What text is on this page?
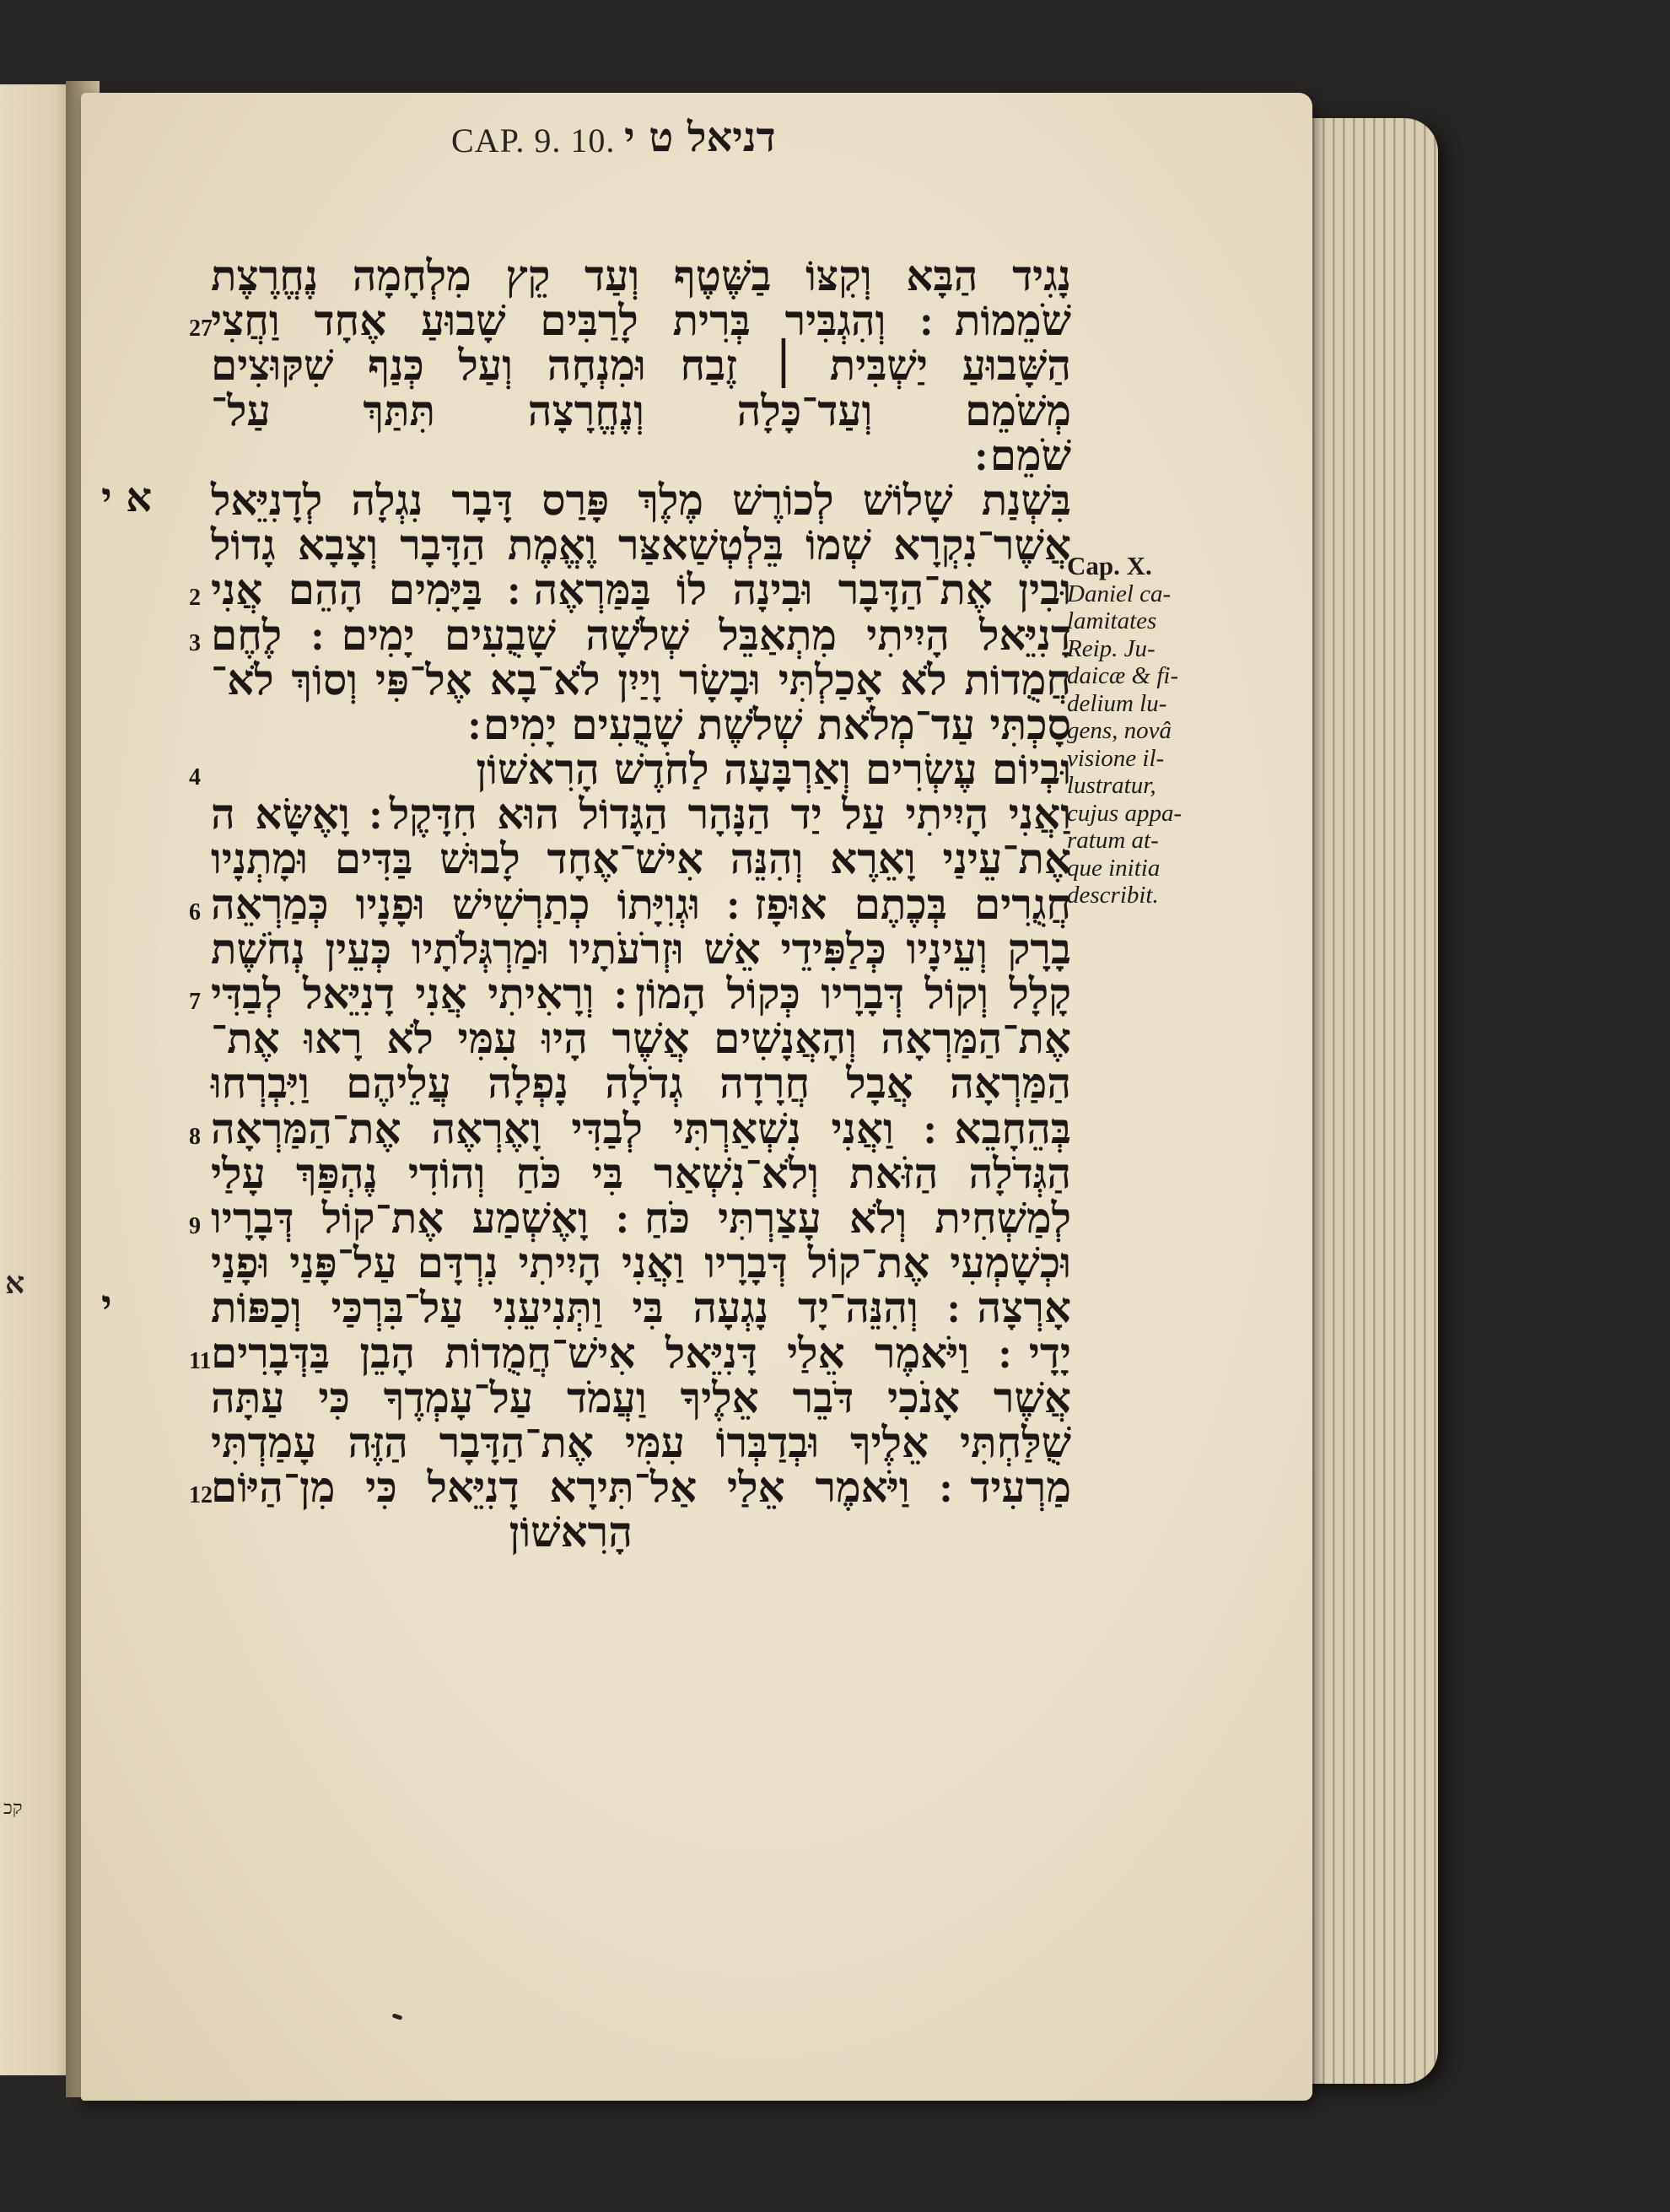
א
קכ
CAP. 9. 10. דניאל ט י
נָגִיד הַבָּא וְקִצּוֹ בַשֶּׁטֶף וְעַד קֵץ מִלְחָמָה נֶחֱרֶצֶת
שֹׁמֵמוֹת ׃ וְהִגְבִּיר בְּרִית לָרַבִּים שָׁבוּעַ אֶחָד וַחֲצִי
27
הַשָּׁבוּעַ יַשְׁבִּית ׀ זֶבַח וּמִנְחָה וְעַל כְּנַף שִׁקּוּצִים
מְשֹׁמֵם וְעַד־כָּלָה וְנֶחֱרָצָה תִּתַּךְ עַל־
שֹׁמֵם ׃
בִּשְׁנַת שָׁלוֹשׁ לְכוֹרֶשׁ מֶלֶךְ פָּרַס דָּבָר נִגְלָה לְדָנִיֵּאל
א י
אֲשֶׁר־נִקְרָא שְׁמוֹ בֵּלְטְשַׁאצַּר וֶאֱמֶת הַדָּבָר וְצָבָא גָדוֹל
וּבִין אֶת־הַדָּבָר וּבִינָה לוֹ בַּמַּרְאֶה ׃ בַּיָּמִים הָהֵם אֲנִי
2
דָנִיֵּאל הָיִיתִי מִתְאַבֵּל שְׁלֹשָׁה שָׁבֻעִים יָמִים ׃ לֶחֶם
3
חֲמֻדוֹת לֹא אָכַלְתִּי וּבָשָׂר וָיַיִן לֹא־בָא אֶל־פִּי וְסוֹךְ לֹא־
סָכְתִּי עַד־מְלֹאת שְׁלֹשֶׁת שָׁבֻעִים יָמִים ׃
וּבְיוֹם עֶשְׂרִים וְאַרְבָּעָה לַחֹדֶשׁ הָרִאשׁוֹן
4
וַאֲנִי הָיִיתִי עַל יַד הַנָּהָר הַגָּדוֹל הוּא חִדָּקֶל ׃ וָאֶשָּׂא ה
אֶת־עֵינַי וָאֵרֶא וְהִנֵּה אִישׁ־אֶחָד לָבוּשׁ בַּדִּים וּמָתְנָיו
חֲגֻרִים בְּכֶתֶם אוּפָז ׃ וּגְוִיָּתוֹ כְתַרְשִׁישׁ וּפָנָיו כְּמַרְאֵה
6
בָרָק וְעֵינָיו כְּלַפִּידֵי אֵשׁ וּזְרֹעֹתָיו וּמַרְגְּלֹתָיו כְּעֵין נְחֹשֶׁת
קָלָל וְקוֹל דְּבָרָיו כְּקוֹל הָמוֹן ׃ וְרָאִיתִי אֲנִי דָנִיֵּאל לְבַדִּי
7
אֶת־הַמַּרְאָה וְהָאֲנָשִׁים אֲשֶׁר הָיוּ עִמִּי לֹא רָאוּ אֶת־
הַמַּרְאָה אֲבָל חֲרָדָה גְדֹלָה נָפְלָה עֲלֵיהֶם וַיִּבְרְחוּ
בְּהֵחָבֵא ׃ וַאֲנִי נִשְׁאַרְתִּי לְבַדִּי וָאֶרְאֶה אֶת־הַמַּרְאָה
8
הַגְּדֹלָה הַזֹּאת וְלֹא־נִשְׁאַר בִּי כֹּחַ וְהוֹדִי נֶהְפַּךְ עָלַי
לְמַשְׁחִית וְלֹא עָצַרְתִּי כֹּחַ ׃ וָאֶשְׁמַע אֶת־קוֹל דְּבָרָיו
9
וּכְשָׁמְעִי אֶת־קוֹל דְּבָרָיו וַאֲנִי הָיִיתִי נִרְדָּם עַל־פָּנַי וּפָנַי
אָרְצָה ׃ וְהִנֵּה־יָד נָגְעָה בִּי וַתְּנִיעֵנִי עַל־בִּרְכַּי וְכַפּוֹת
י
יָדָי ׃ וַיֹּאמֶר אֵלַי דָּנִיֵּאל אִישׁ־חֲמֻדוֹת הָבֵן בַּדְּבָרִים
11
אֲשֶׁר אָנֹכִי דֹּבֵר אֵלֶיךָ וַעֲמֹד עַל־עָמְדֶךָ כִּי עַתָּה
שֻׁלַּחְתִּי אֵלֶיךָ וּבְדַבְּרוֹ עִמִּי אֶת־הַדָּבָר הַזֶּה עָמַדְתִּי
מַרְעִיד ׃ וַיֹּאמֶר אֵלַי אַל־תִּירָא דָנִיֵּאל כִּי מִן־הַיּוֹם
12
הָרִאשׁוֹן
Cap. X.
Daniel ca-
lamitates
Reip. Ju-
daicæ & fi-
delium lu-
gens, novâ
visione il-
lustratur,
cujus appa-
ratum at-
que initia
describit.
